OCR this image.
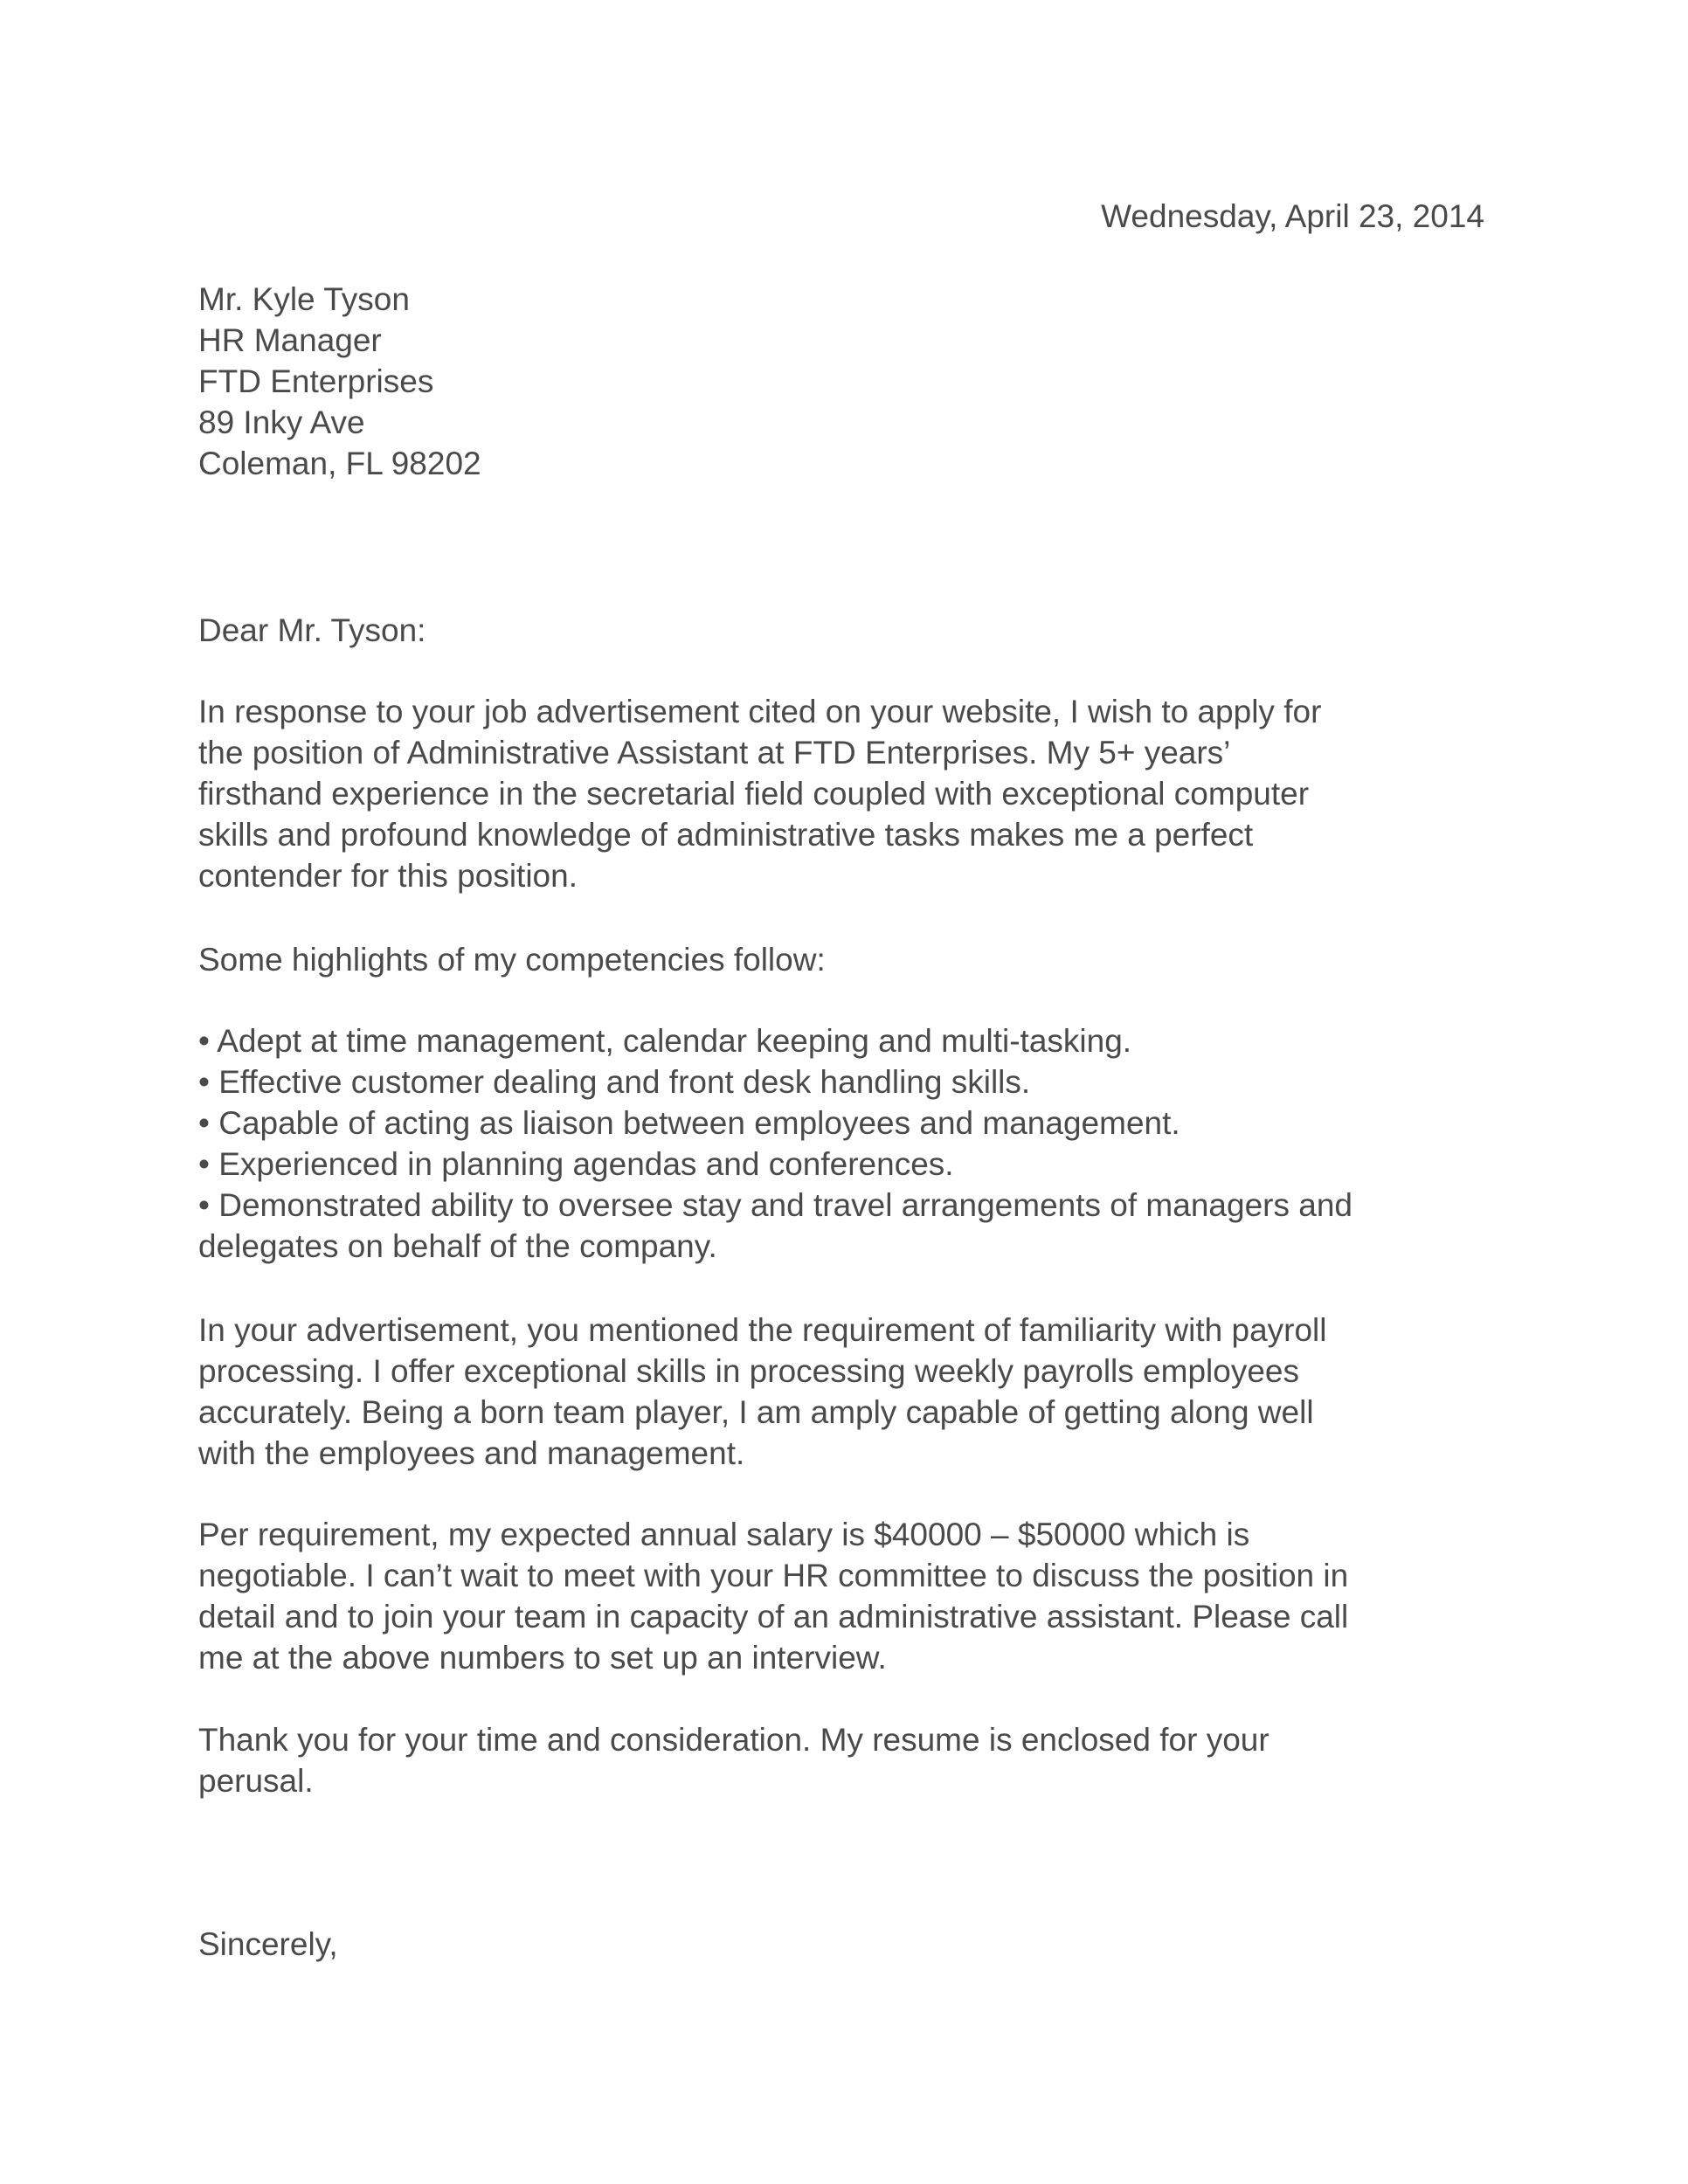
Wednesday, April 23, 2014

Mr. Kyle Tyson
HR Manager
FTD Enterprises
89 Inky Ave
Coleman, FL 98202

Dear Mr. Tyson:

In response to your job advertisement cited on your website, I wish to apply for
the position of Administrative Assistant at FTD Enterprises. My 5+ years’
firsthand experience in the secretarial field coupled with exceptional computer
skills and profound knowledge of administrative tasks makes me a perfect
contender for this position.

Some highlights of my competencies follow:

• Adept at time management, calendar keeping and multi-tasking.
• Effective customer dealing and front desk handling skills.
• Capable of acting as liaison between employees and management.
• Experienced in planning agendas and conferences.
• Demonstrated ability to oversee stay and travel arrangements of managers and
delegates on behalf of the company.
In your advertisement, you mentioned the requirement of familiarity with payroll
processing. I offer exceptional skills in processing weekly payrolls employees
accurately. Being a born team player, I am amply capable of getting along well
with the employees and management.
Per requirement, my expected annual salary is $40000 – $50000 which is
negotiable. I can’t wait to meet with your HR committee to discuss the position in
detail and to join your team in capacity of an administrative assistant. Please call
me at the above numbers to set up an interview.
Thank you for your time and consideration. My resume is enclosed for your
perusal.

Sincerely,
